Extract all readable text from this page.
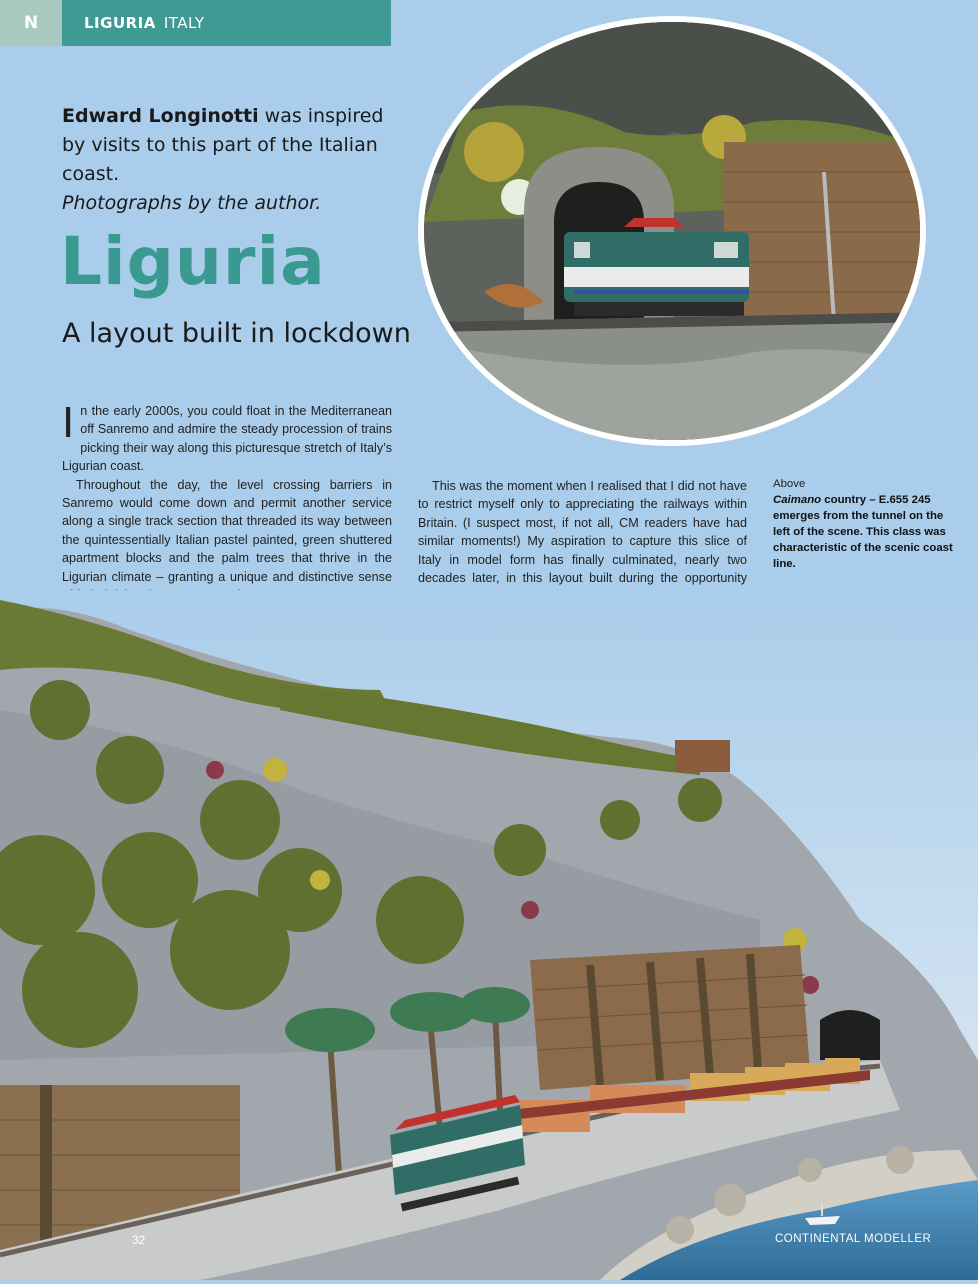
N	LIGURIA ITALY
Edward Longinotti was inspired by visits to this part of the Italian coast.
Photographs by the author.
Liguria
A layout built in lockdown

In the early 2000s, you could float in the Mediterranean off Sanremo and admire the steady procession of trains picking their way along this picturesque stretch of Italy’s Ligurian coast.

Throughout the day, the level crossing barriers in Sanremo would come down and permit another service along a single track section that threaded its way between the quintessentially Italian pastel painted, green shuttered apartment blocks and the palm trees that thrive in the Ligurian climate – granting a unique and distinctive sense

This was the moment when I realised that I did not have to restrict myself only to appreciating the railways within Britain. (I suspect most, if not all, CM readers have had similar moments!) My aspiration to capture this slice of Italy in model form has finally culminated, nearly two decades later, in this layout built during the opportunity

Above
Caimano country – E.655 245 emerges from the tunnel on the left of the scene. This class was characteristic of the scenic coast line.
32	CONTINENTAL MODELLER
